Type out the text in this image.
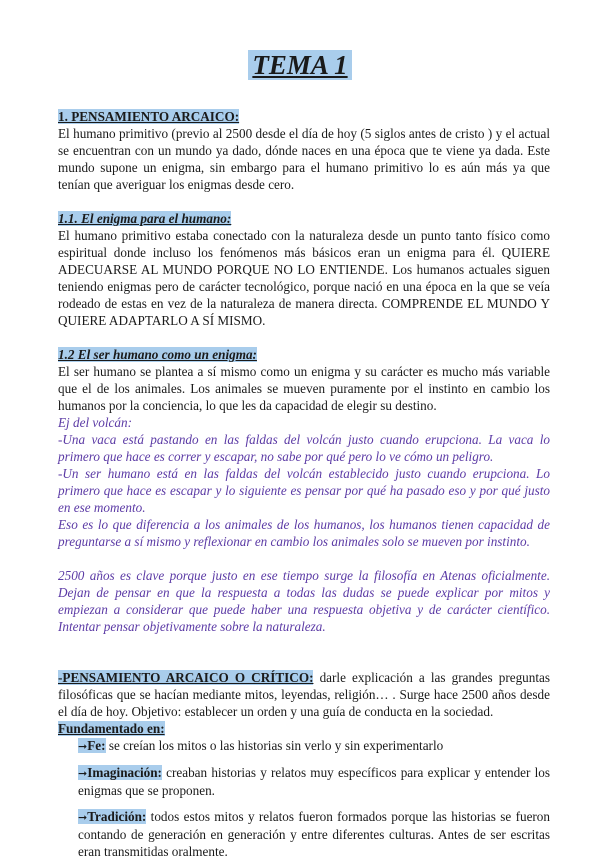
TEMA 1
1. PENSAMIENTO ARCAICO:

El humano primitivo (previo al 2500 desde el día de hoy (5 siglos antes de cristo ) y el actual se encuentran con un mundo ya dado, dónde naces en una época que te viene ya dada. Este mundo supone un enigma, sin embargo para el humano primitivo lo es aún más ya que tenían que averiguar los enigmas desde cero.

1.1. El enigma para el humano:

El humano primitivo estaba conectado con la naturaleza desde un punto tanto físico como espiritual donde incluso los fenómenos más básicos eran un enigma para él. QUIERE ADECUARSE AL MUNDO PORQUE NO LO ENTIENDE. Los humanos actuales siguen teniendo enigmas pero de carácter tecnológico, porque nació en una época en la que se veía rodeado de estas en vez de la naturaleza de manera directa. COMPRENDE EL MUNDO Y QUIERE ADAPTARLO A SÍ MISMO.

1.2 El ser humano como un enigma:

El ser humano se plantea a sí mismo como un enigma y su carácter es mucho más variable que el de los animales. Los animales se mueven puramente por el instinto en cambio los humanos por la conciencia, lo que les da capacidad de elegir su destino.

Ej del volcán:

-Una vaca está pastando en las faldas del volcán justo cuando erupciona. La vaca lo primero que hace es correr y escapar, no sabe por qué pero lo ve cómo un peligro.

-Un ser humano está en las faldas del volcán establecido justo cuando erupciona. Lo primero que hace es escapar y lo siguiente es pensar por qué ha pasado eso y por qué justo en ese momento.

Eso es lo que diferencia a los animales de los humanos, los humanos tienen capacidad de preguntarse a sí mismo y reflexionar en cambio los animales solo se mueven por instinto.

2500 años es clave porque justo en ese tiempo surge la filosofía en Atenas oficialmente. Dejan de pensar en que la respuesta a todas las dudas se puede explicar por mitos y empiezan a considerar que puede haber una respuesta objetiva y de carácter científico. Intentar pensar objetivamente sobre la naturaleza.

-PENSAMIENTO ARCAICO O CRÍTICO: darle explicación a las grandes preguntas filosóficas que se hacían mediante mitos, leyendas, religión… . Surge hace 2500 años desde el día de hoy. Objetivo: establecer un orden y una guía de conducta en la sociedad.

Fundamentado en:

➞Fe: se creían los mitos o las historias sin verlo y sin experimentarlo

➞Imaginación: creaban historias y relatos muy específicos para explicar y entender los enigmas que se proponen.

➞Tradición: todos estos mitos y relatos fueron formados porque las historias se fueron contando de generación en generación y entre diferentes culturas. Antes de ser escritas eran transmitidas oralmente.
